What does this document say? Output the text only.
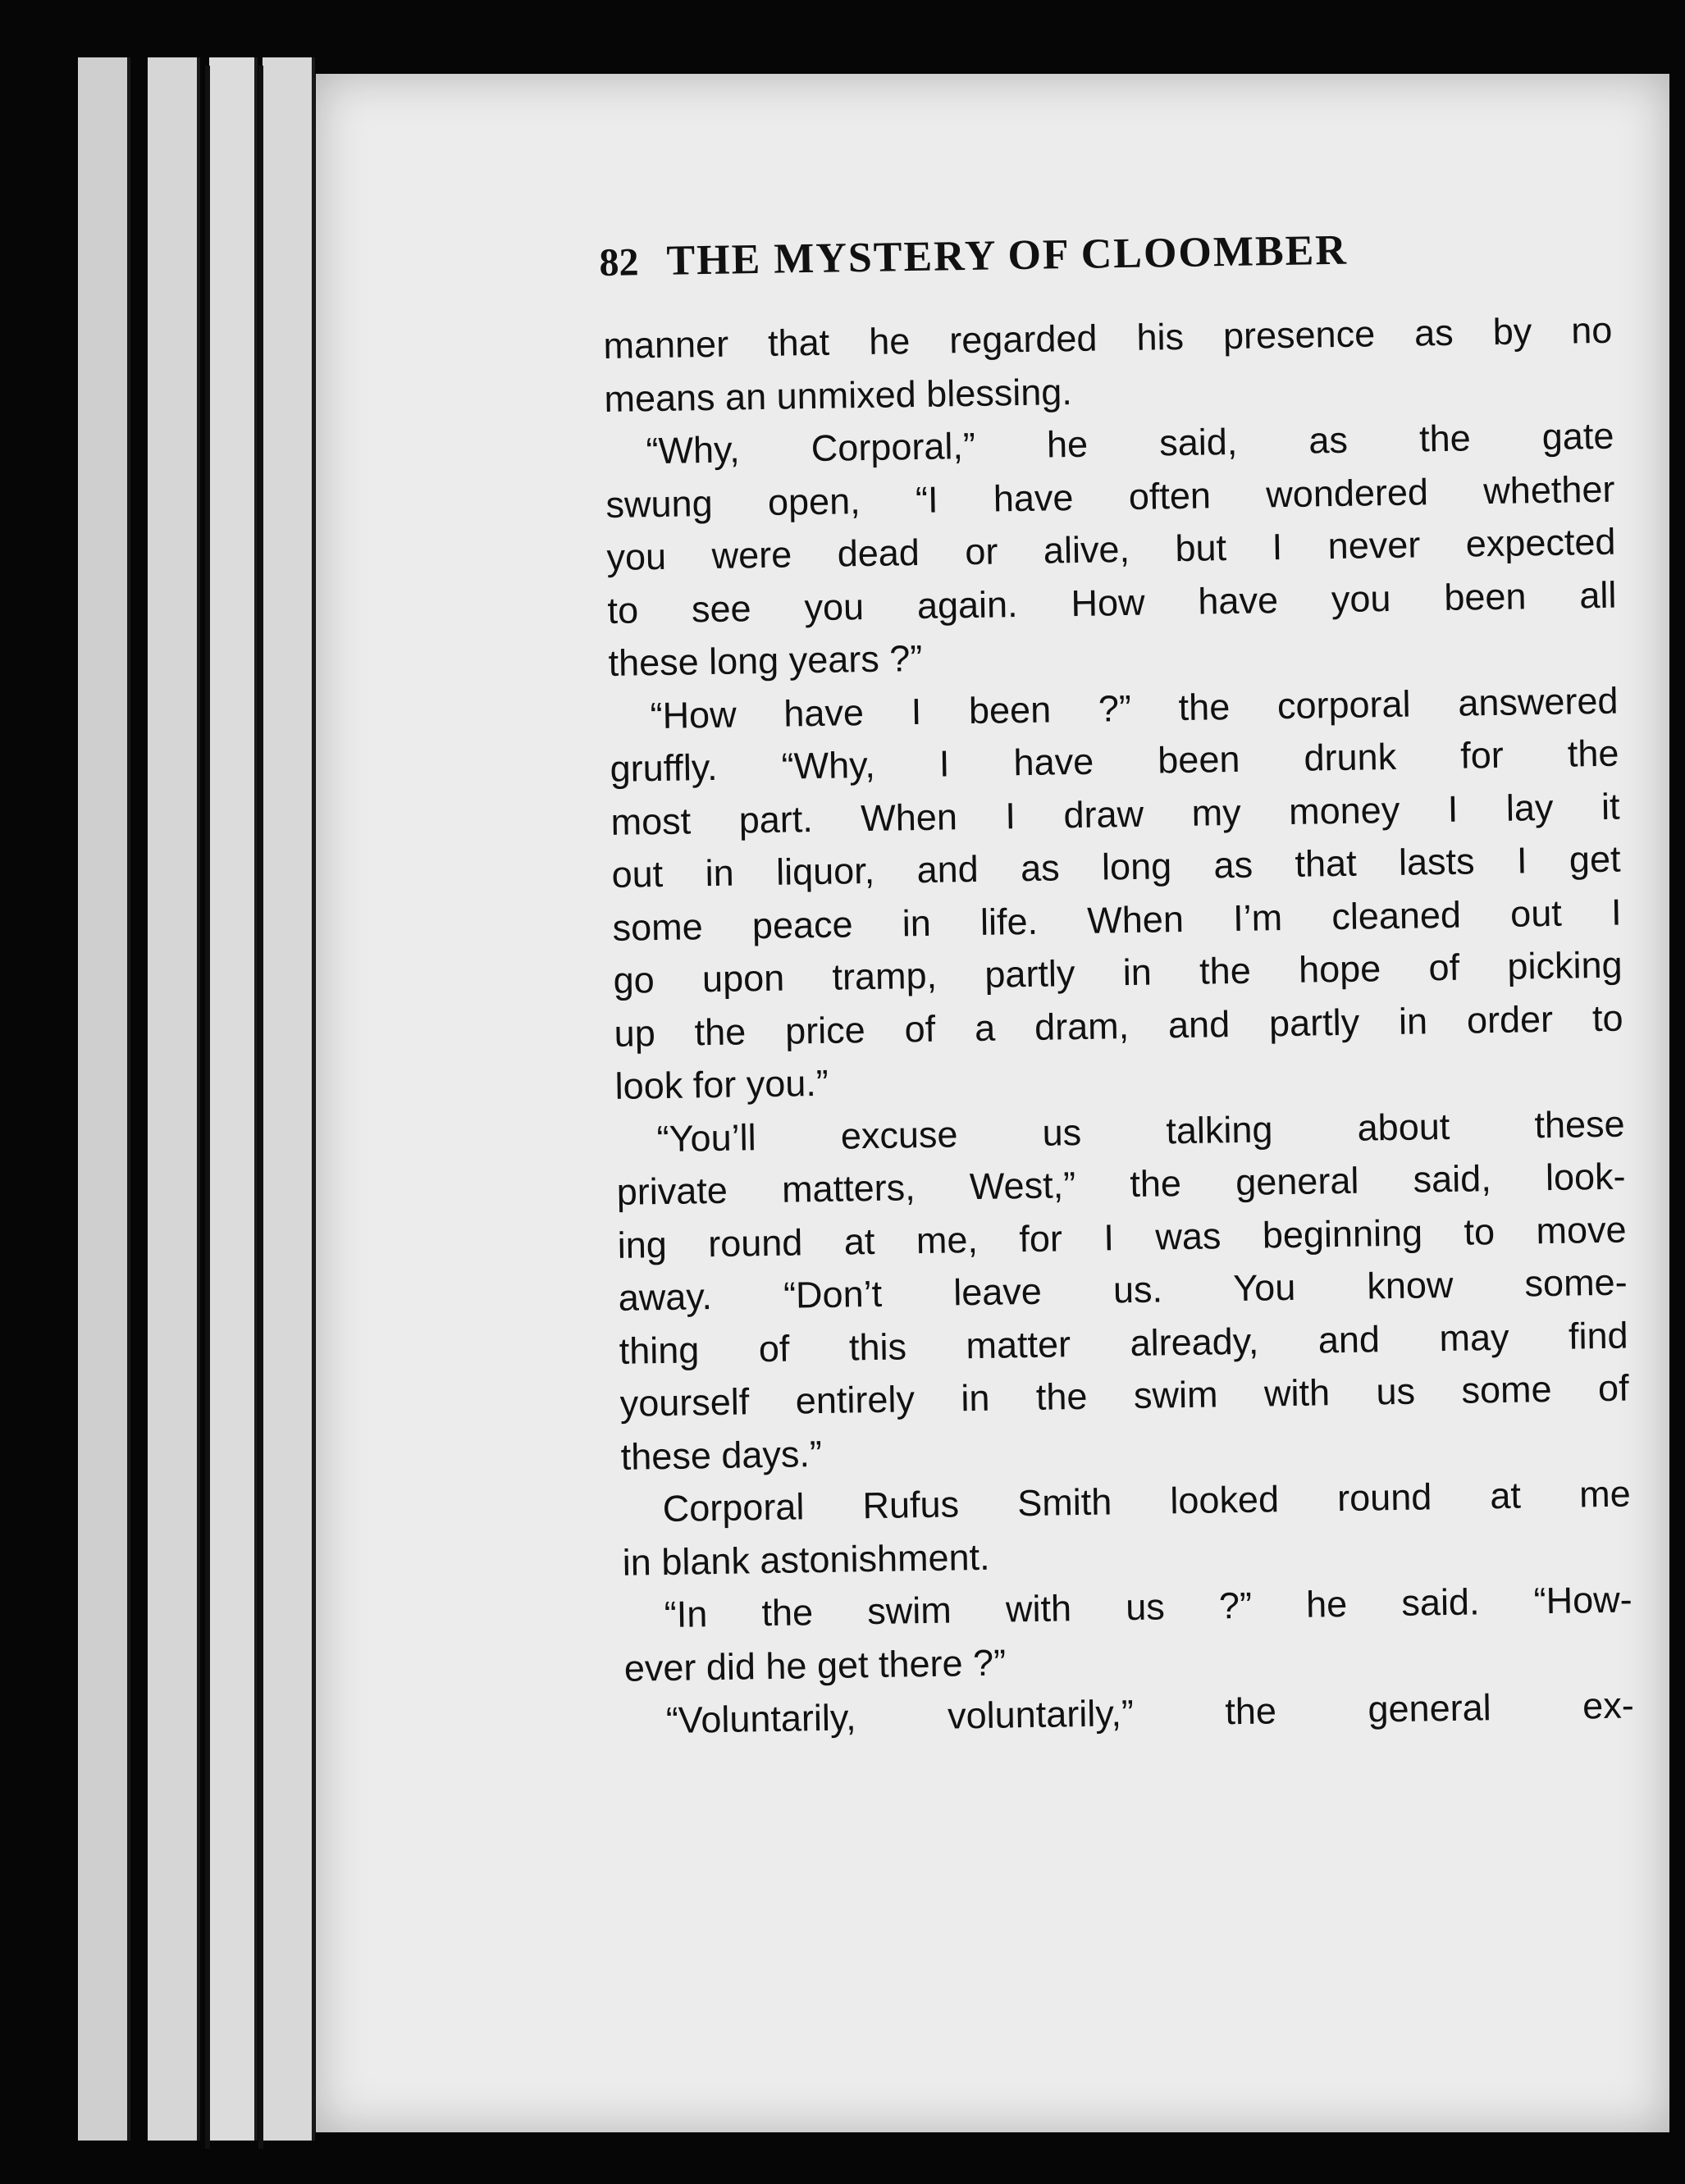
82 THE MYSTERY OF CLOOMBER
manner that he regarded his presence as by no
means an unmixed blessing.
“Why, Corporal,” he said, as the gate
swung open, “I have often wondered whether
you were dead or alive, but I never expected
to see you again. How have you been all
these long years ?”
“How have I been ?” the corporal answered
gruffly. “Why, I have been drunk for the
most part. When I draw my money I lay it
out in liquor, and as long as that lasts I get
some peace in life. When I’m cleaned out I
go upon tramp, partly in the hope of picking
up the price of a dram, and partly in order to
look for you.”
“You’ll excuse us talking about these
private matters, West,” the general said, look-
ing round at me, for I was beginning to move
away. “Don’t leave us. You know some-
thing of this matter already, and may find
yourself entirely in the swim with us some of
these days.”
Corporal Rufus Smith looked round at me
in blank astonishment.
“In the swim with us ?” he said. “How-
ever did he get there ?”
“Voluntarily, voluntarily,” the general ex-
